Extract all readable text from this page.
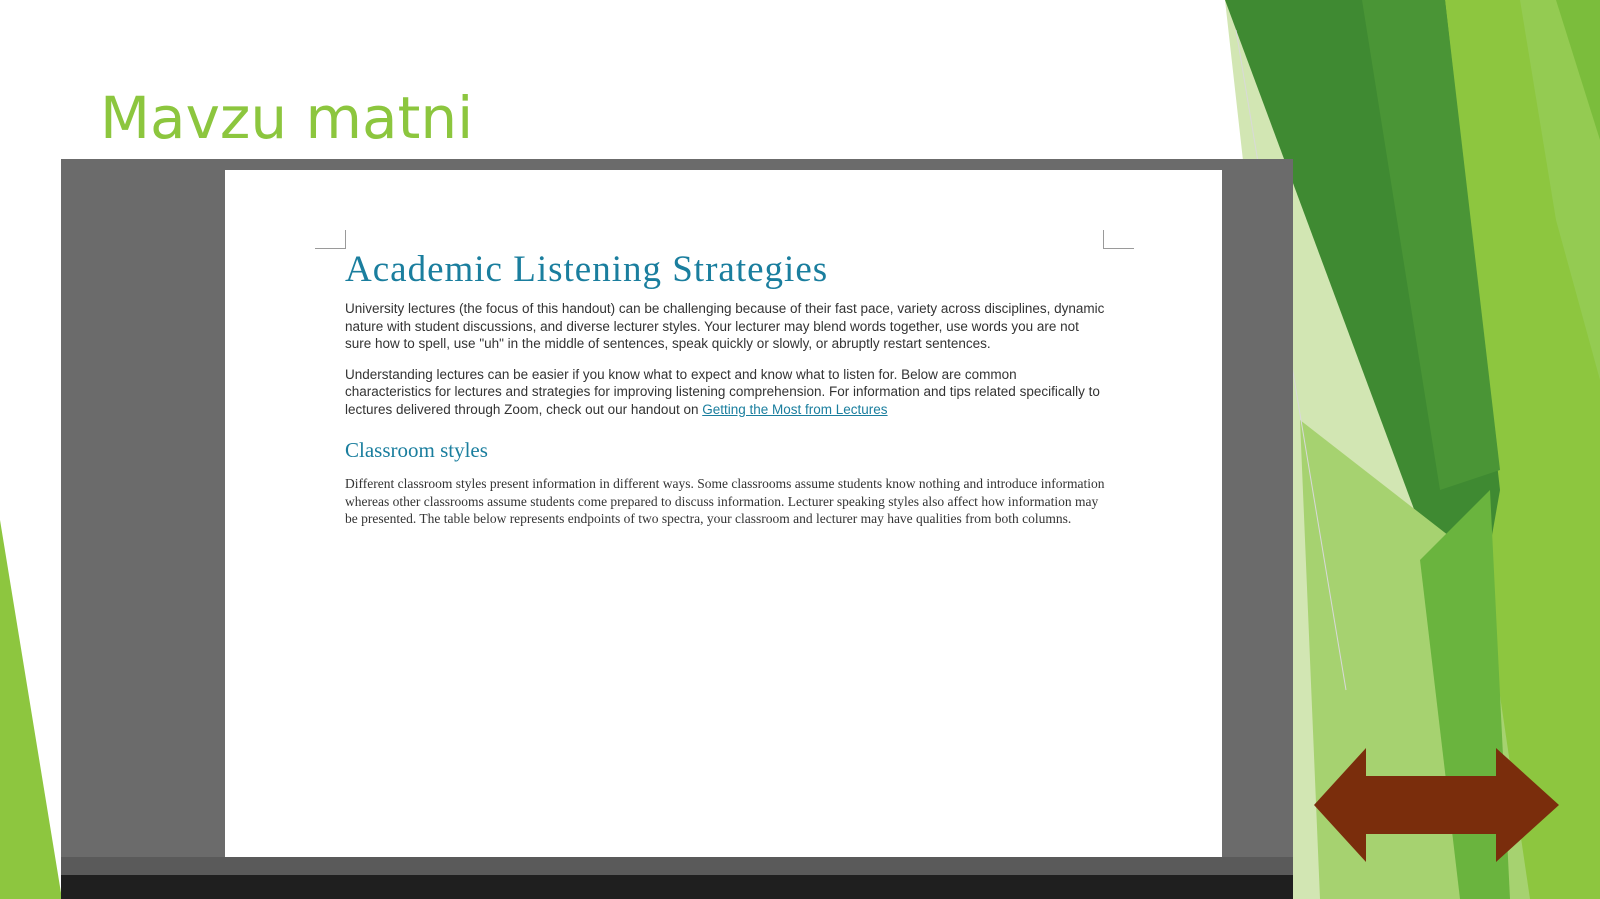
Mavzu matni
Academic Listening Strategies

University lectures (the focus of this handout) can be challenging because of their fast pace, variety across disciplines, dynamic nature with student discussions, and diverse lecturer styles. Your lecturer may blend words together, use words you are not sure how to spell, use "uh" in the middle of sentences, speak quickly or slowly, or abruptly restart sentences.

Understanding lectures can be easier if you know what to expect and know what to listen for. Below are common characteristics for lectures and strategies for improving listening comprehension. For information and tips related specifically to lectures delivered through Zoom, check out our handout on Getting the Most from Lectures

Classroom styles

Different classroom styles present information in different ways. Some classrooms assume students know nothing and introduce information whereas other classrooms assume students come prepared to discuss information. Lecturer speaking styles also affect how information may be presented. The table below represents endpoints of two spectra, your classroom and lecturer may have qualities from both columns.
